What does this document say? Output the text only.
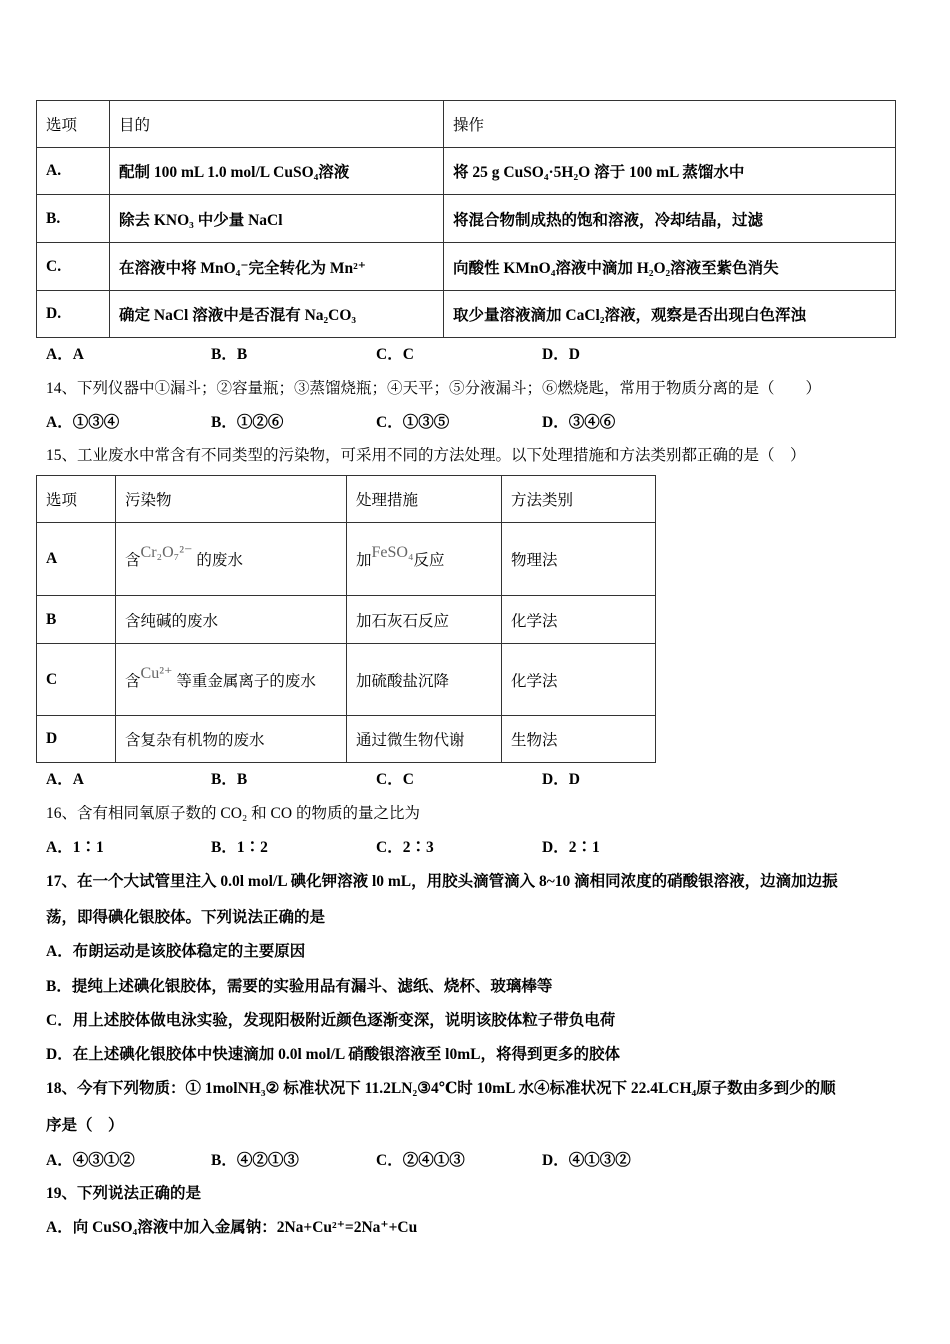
选项	目的	操作
A.	配制 100 mL 1.0 mol/L CuSO₄溶液	将 25 g CuSO₄·5H₂O 溶于 100 mL 蒸馏水中
B.	除去 KNO₃ 中少量 NaCl	将混合物制成热的饱和溶液，冷却结晶，过滤
C.	在溶液中将 MnO₄⁻完全转化为 Mn²⁺	向酸性 KMnO₄溶液中滴加 H₂O₂溶液至紫色消失
D.	确定 NaCl 溶液中是否混有 Na₂CO₃	取少量溶液滴加 CaCl₂溶液，观察是否出现白色浑浊
A．A	B．B	C．C	D．D
14、下列仪器中①漏斗；②容量瓶；③蒸馏烧瓶；④天平；⑤分液漏斗；⑥燃烧匙，常用于物质分离的是（　　）
A．①③④	B．①②⑥	C．①③⑤	D．③④⑥
15、工业废水中常含有不同类型的污染物，可采用不同的方法处理。以下处理措施和方法类别都正确的是（　）
选项	污染物	处理措施	方法类别
A	含Cr₂O₇²⁻ 的废水	加FeSO₄反应	物理法
B	含纯碱的废水	加石灰石反应	化学法
C	含Cu²⁺ 等重金属离子的废水	加硫酸盐沉降	化学法
D	含复杂有机物的废水	通过微生物代谢	生物法
A．A	B．B	C．C	D．D
16、含有相同氧原子数的 CO₂ 和 CO 的物质的量之比为
A．1∶1	B．1∶2	C．2∶3	D．2∶1
17、在一个大试管里注入 0.0l mol/L 碘化钾溶液 l0 mL，用胶头滴管滴入 8~10 滴相同浓度的硝酸银溶液，边滴加边振
荡，即得碘化银胶体。下列说法正确的是
A．布朗运动是该胶体稳定的主要原因
B．提纯上述碘化银胶体，需要的实验用品有漏斗、滤纸、烧杯、玻璃棒等
C．用上述胶体做电泳实验，发现阳极附近颜色逐渐变深，说明该胶体粒子带负电荷
D．在上述碘化银胶体中快速滴加 0.0l mol/L 硝酸银溶液至 l0mL，将得到更多的胶体
18、今有下列物质：① 1molNH₃② 标准状况下 11.2LN₂③4℃时 10mL 水④标准状况下 22.4LCH₄原子数由多到少的顺
序是（　）
A．④③①②	B．④②①③	C．②④①③	D．④①③②
19、下列说法正确的是
A．向 CuSO₄溶液中加入金属钠：2Na+Cu²⁺=2Na⁺+Cu
